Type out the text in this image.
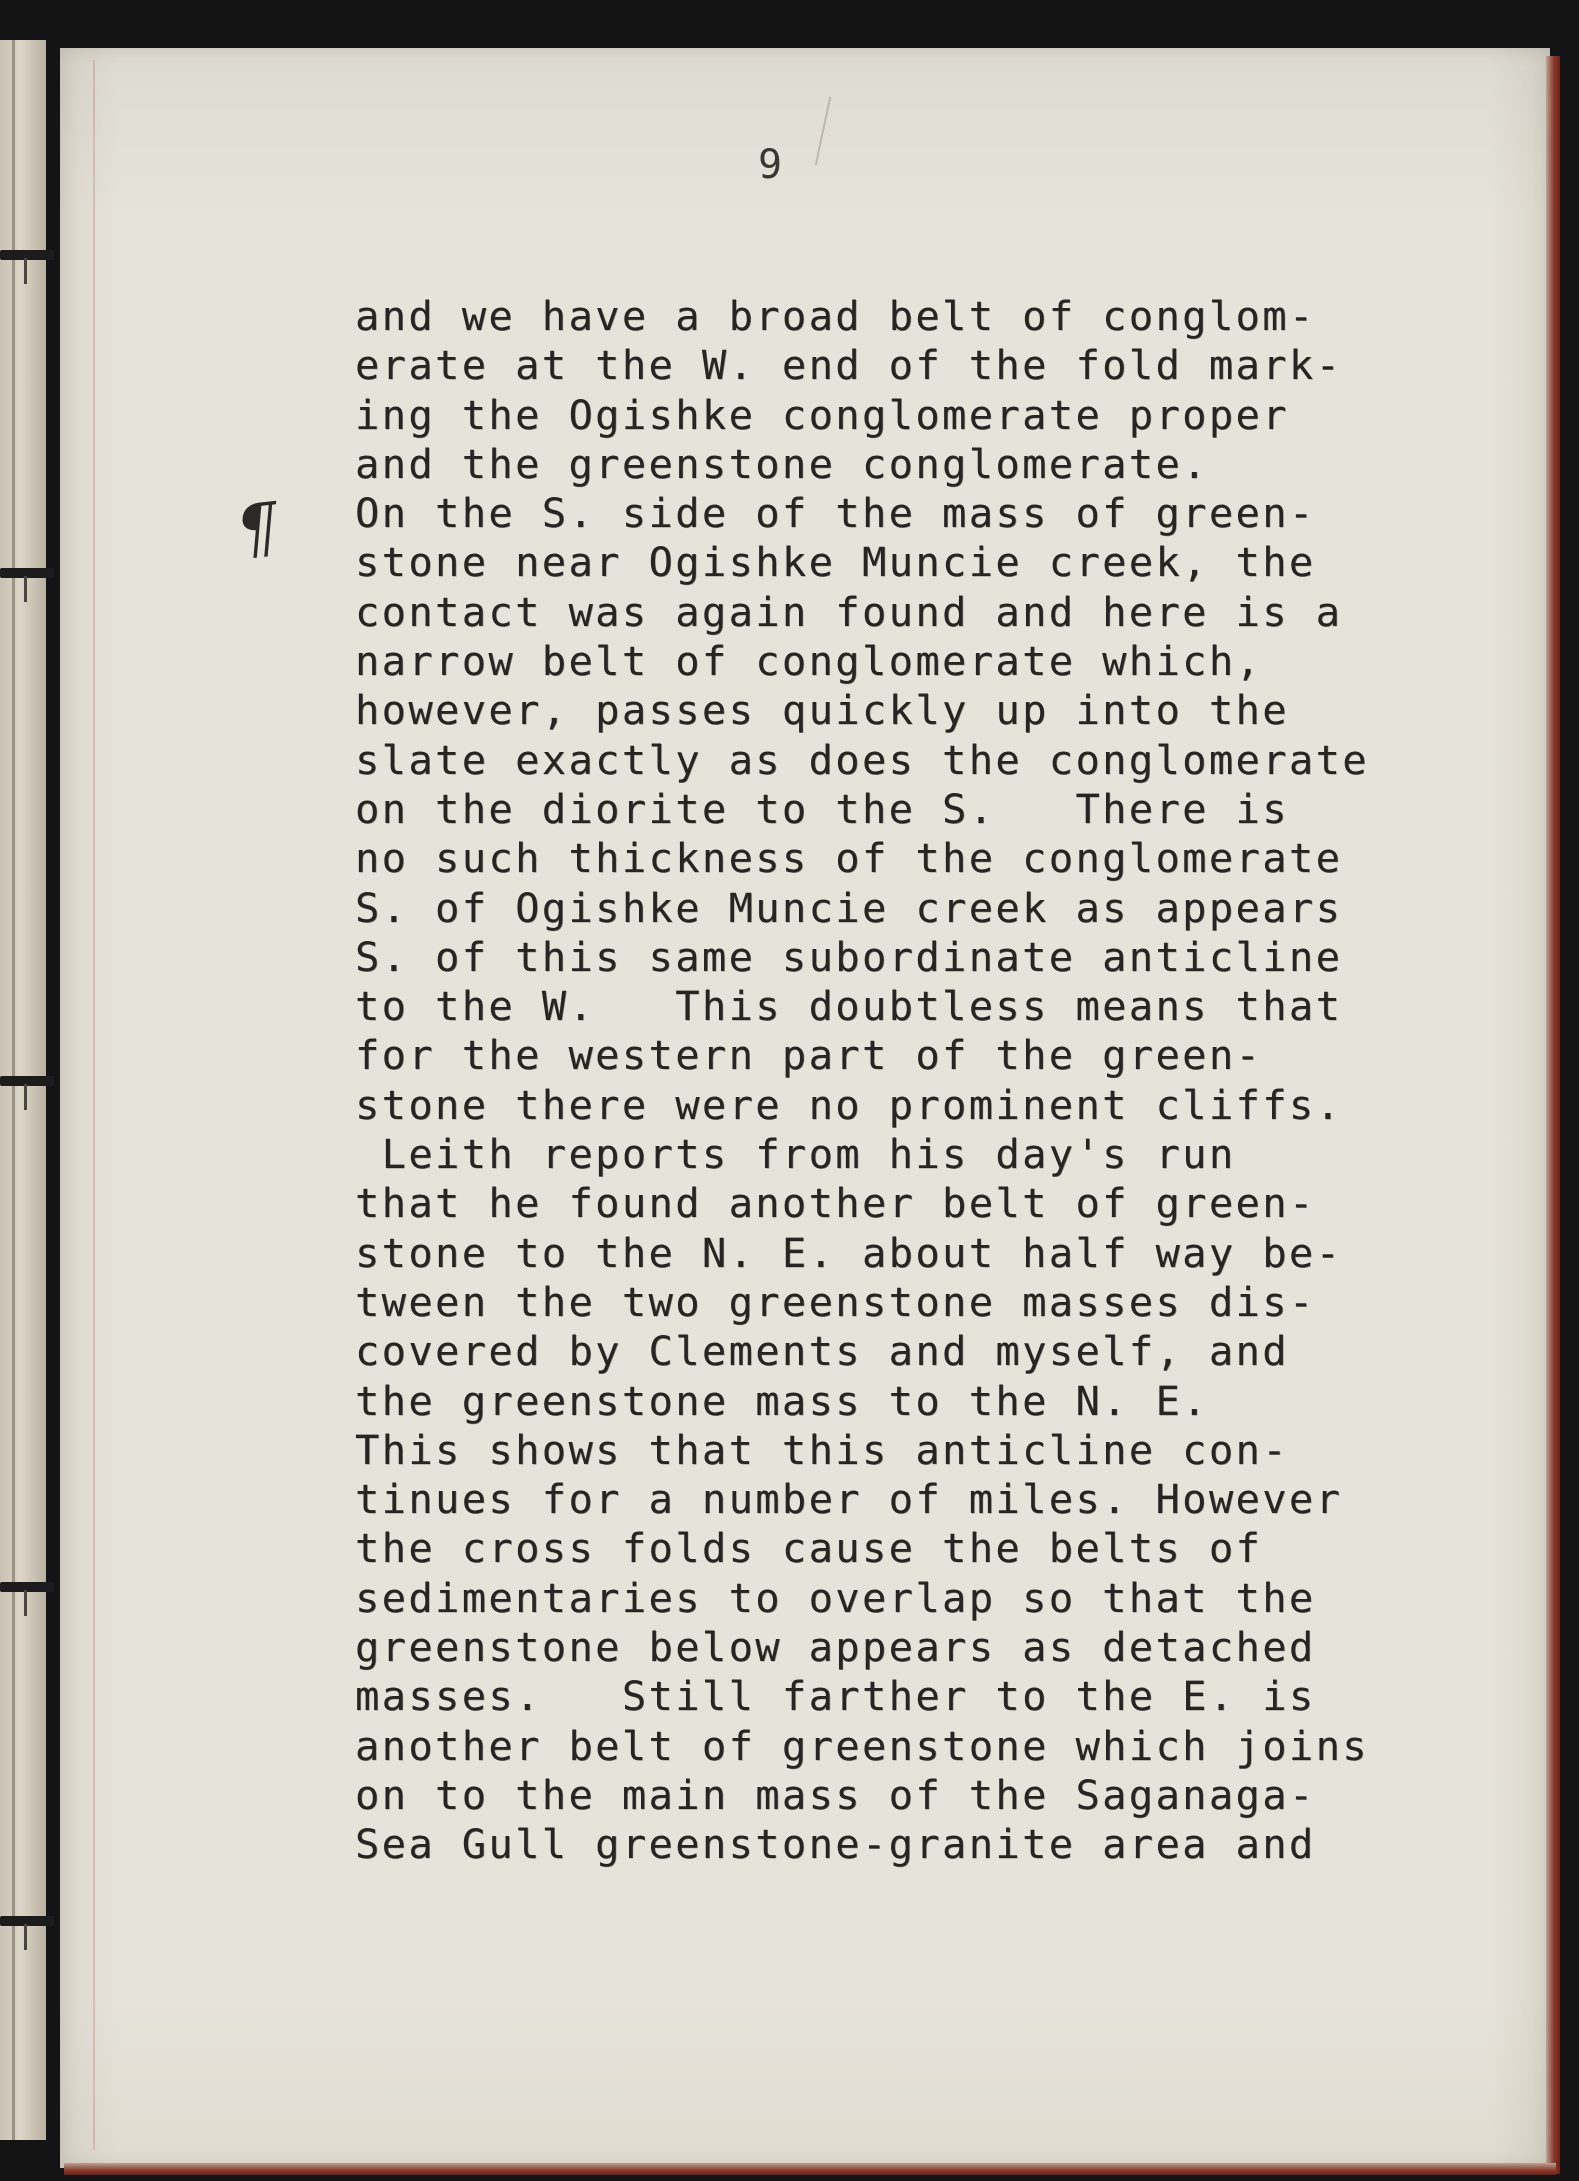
9
¶
and we have a broad belt of conglom-
erate at the W. end of the fold mark-
ing the Ogishke conglomerate proper
and the greenstone conglomerate.
On the S. side of the mass of green-
stone near Ogishke Muncie creek, the
contact was again found and here is a
narrow belt of conglomerate which,
however, passes quickly up into the
slate exactly as does the conglomerate
on the diorite to the S.   There is
no such thickness of the conglomerate
S. of Ogishke Muncie creek as appears
S. of this same subordinate anticline
to the W.   This doubtless means that
for the western part of the green-
stone there were no prominent cliffs.
Leith reports from his day's run
that he found another belt of green-
stone to the N. E. about half way be-
tween the two greenstone masses dis-
covered by Clements and myself, and
the greenstone mass to the N. E.
This shows that this anticline con-
tinues for a number of miles. However
the cross folds cause the belts of
sedimentaries to overlap so that the
greenstone below appears as detached
masses.   Still farther to the E. is
another belt of greenstone which joins
on to the main mass of the Saganaga-
Sea Gull greenstone-granite area and
